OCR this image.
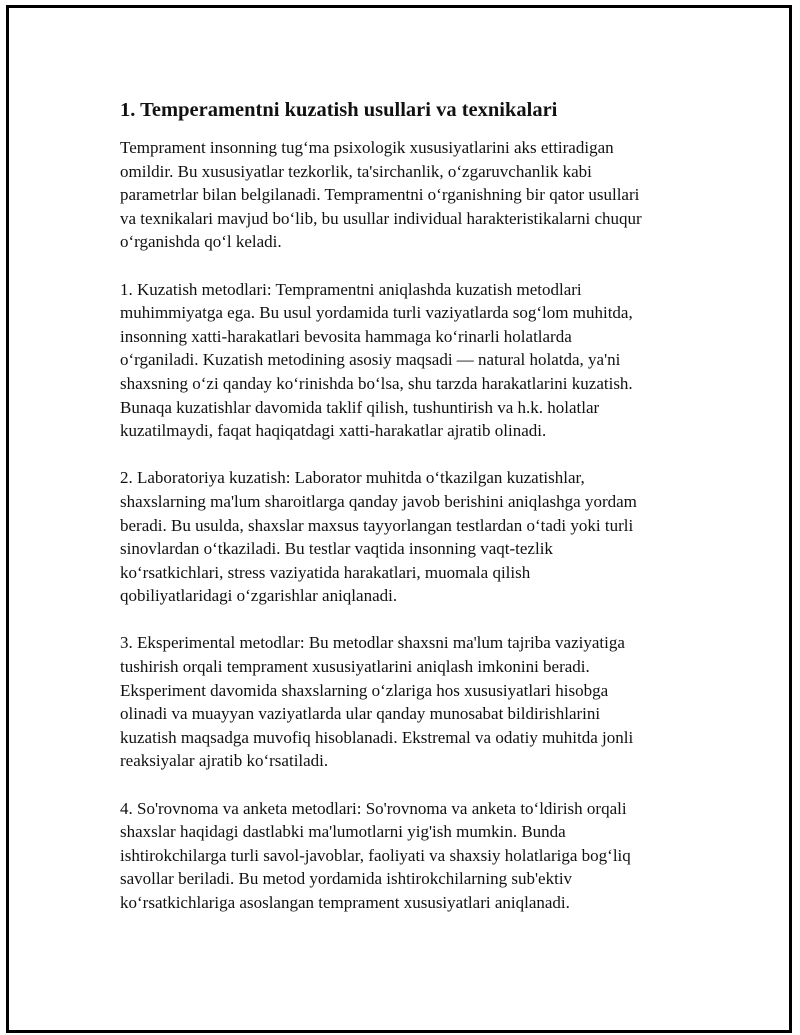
1. Temperamentni kuzatish usullari va texnikalari

Temprament insonning tug‘ma psixologik xususiyatlarini aks ettiradigan
omildir. Bu xususiyatlar tezkorlik, ta'sirchanlik, o‘zgaruvchanlik kabi
parametrlar bilan belgilanadi. Tempramentni o‘rganishning bir qator usullari
va texnikalari mavjud bo‘lib, bu usullar individual harakteristikalarni chuqur
o‘rganishda qo‘l keladi.

1. Kuzatish metodlari: Tempramentni aniqlashda kuzatish metodlari
muhimmiyatga ega. Bu usul yordamida turli vaziyatlarda sog‘lom muhitda,
insonning xatti-harakatlari bevosita hammaga ko‘rinarli holatlarda
o‘rganiladi. Kuzatish metodining asosiy maqsadi — natural holatda, ya'ni
shaxsning o‘zi qanday ko‘rinishda bo‘lsa, shu tarzda harakatlarini kuzatish.
Bunaqa kuzatishlar davomida taklif qilish, tushuntirish va h.k. holatlar
kuzatilmaydi, faqat haqiqatdagi xatti-harakatlar ajratib olinadi.

2. Laboratoriya kuzatish: Laborator muhitda o‘tkazilgan kuzatishlar,
shaxslarning ma'lum sharoitlarga qanday javob berishini aniqlashga yordam
beradi. Bu usulda, shaxslar maxsus tayyorlangan testlardan o‘tadi yoki turli
sinovlardan o‘tkaziladi. Bu testlar vaqtida insonning vaqt-tezlik
ko‘rsatkichlari, stress vaziyatida harakatlari, muomala qilish
qobiliyatlaridagi o‘zgarishlar aniqlanadi.

3. Eksperimental metodlar: Bu metodlar shaxsni ma'lum tajriba vaziyatiga
tushirish orqali temprament xususiyatlarini aniqlash imkonini beradi.
Eksperiment davomida shaxslarning o‘zlariga hos xususiyatlari hisobga
olinadi va muayyan vaziyatlarda ular qanday munosabat bildirishlarini
kuzatish maqsadga muvofiq hisoblanadi. Ekstremal va odatiy muhitda jonli
reaksiyalar ajratib ko‘rsatiladi.

4. So'rovnoma va anketa metodlari: So'rovnoma va anketa to‘ldirish orqali
shaxslar haqidagi dastlabki ma'lumotlarni yig'ish mumkin. Bunda
ishtirokchilarga turli savol-javoblar, faoliyati va shaxsiy holatlariga bog‘liq
savollar beriladi. Bu metod yordamida ishtirokchilarning sub'ektiv
ko‘rsatkichlariga asoslangan temprament xususiyatlari aniqlanadi.
